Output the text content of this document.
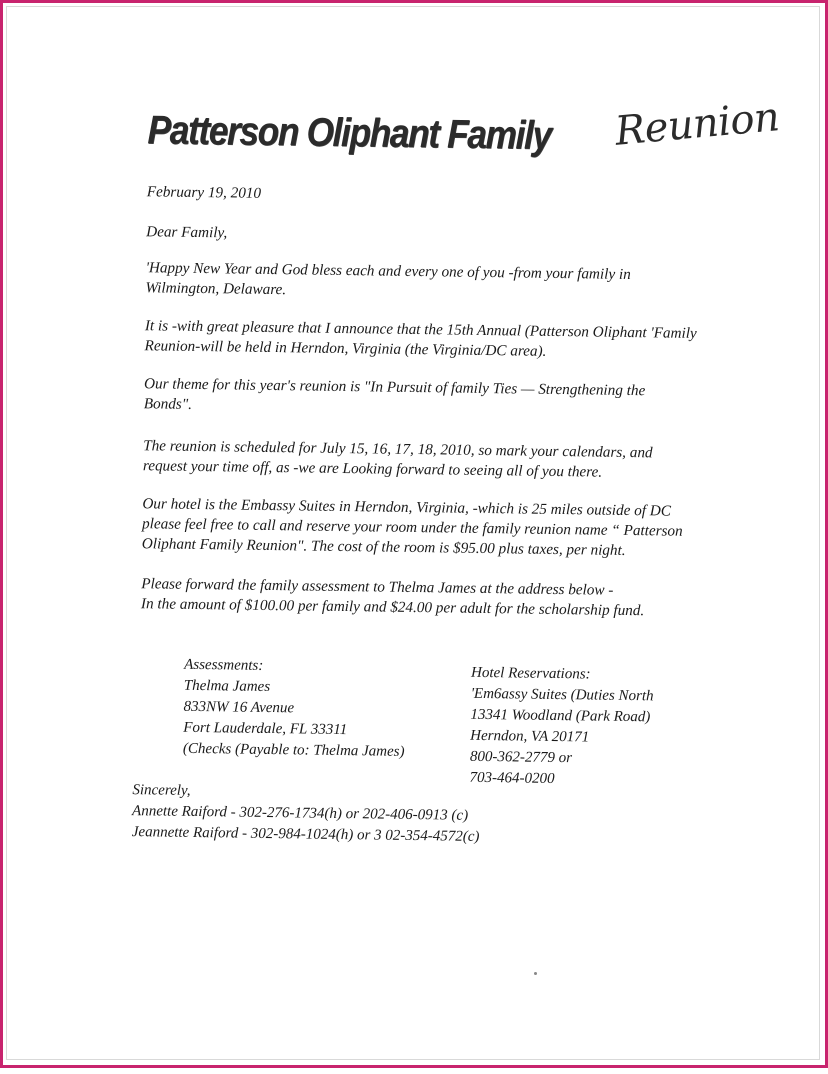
Patterson Oliphant Family Reunion
February 19, 2010
Dear Family,
'Happy New Year and God bless each and every one of you -from your family in
Wilmington, Delaware.
It is -with great pleasure that I announce that the 15th Annual (Patterson Oliphant 'Family
Reunion-will be held in Herndon, Virginia (the Virginia/DC area).
Our theme for this year's reunion is "In Pursuit of family Ties — Strengthening the
Bonds".
The reunion is scheduled for July 15, 16, 17, 18, 2010, so mark your calendars, and
request your time off, as -we are Looking forward to seeing all of you there.
Our hotel is the Embassy Suites in Herndon, Virginia, -which is 25 miles outside of DC
please feel free to call and reserve your room under the family reunion name “ Patterson
Oliphant Family Reunion". The cost of the room is $95.00 plus taxes, per night.
Please forward the family assessment to Thelma James at the address below -
In the amount of $100.00 per family and $24.00 per adult for the scholarship fund.
Assessments:
Thelma James
833NW 16 Avenue
Fort Lauderdale, FL 33311
(Checks (Payable to: Thelma James)
Hotel Reservations:
'Em6assy Suites (Duties North
13341 Woodland (Park Road)
Herndon, VA 20171
800-362-2779 or
703-464-0200
Sincerely,
Annette Raiford - 302-276-1734(h) or 202-406-0913 (c)
Jeannette Raiford - 302-984-1024(h) or 3 02-354-4572(c)
